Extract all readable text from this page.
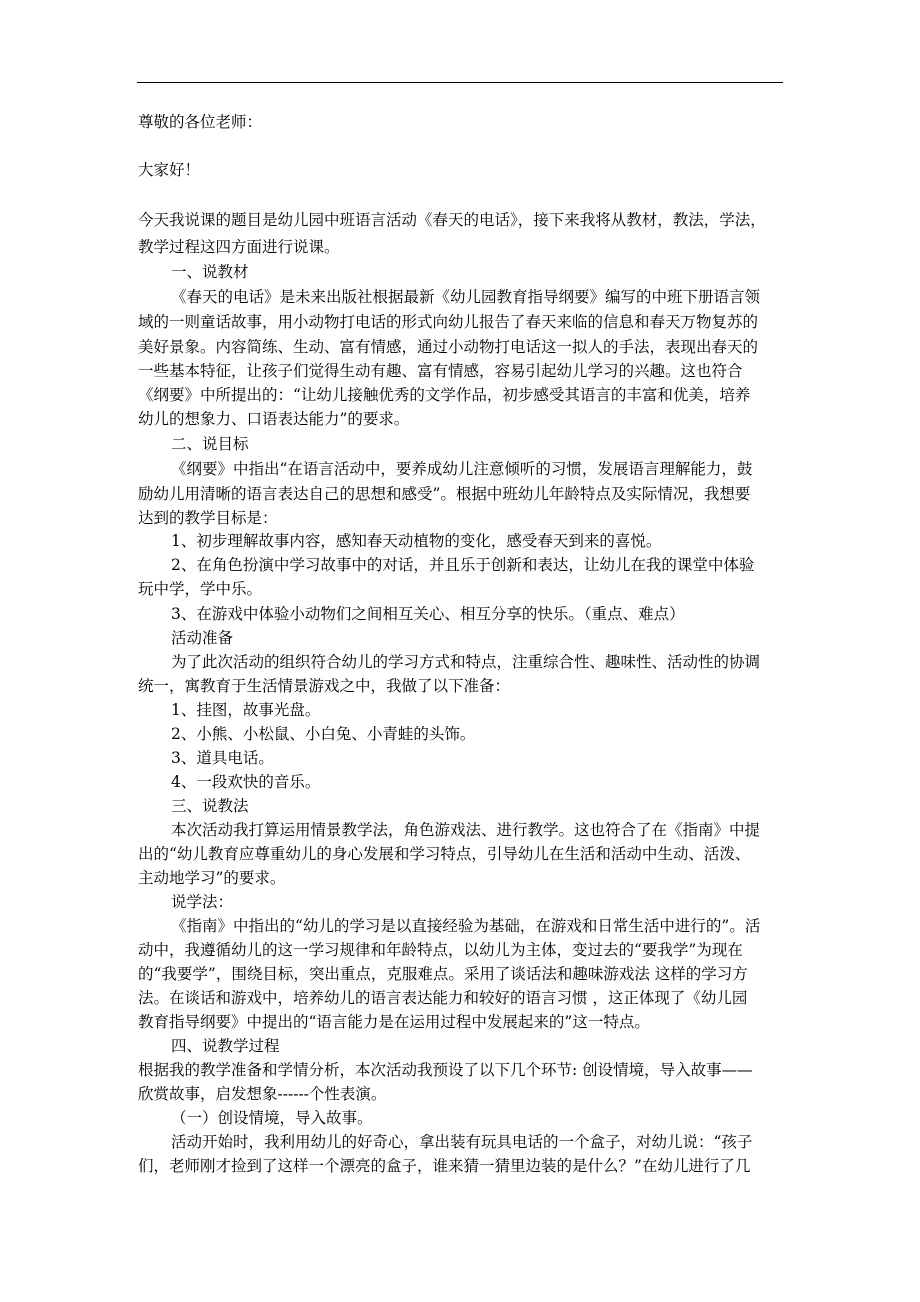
尊敬的各位老师：
大家好！
今天我说课的题目是幼儿园中班语言活动《春天的电话》，接下来我将从教材，教法，学法，
教学过程这四方面进行说课。
一、说教材
《春天的电话》是未来出版社根据最新《幼儿园教育指导纲要》编写的中班下册语言领
域的一则童话故事，用小动物打电话的形式向幼儿报告了春天来临的信息和春天万物复苏的
美好景象。内容简练、生动、富有情感，通过小动物打电话这一拟人的手法，表现出春天的
一些基本特征，让孩子们觉得生动有趣、富有情感，容易引起幼儿学习的兴趣。这也符合
《纲要》中所提出的：“让幼儿接触优秀的文学作品，初步感受其语言的丰富和优美，培养
幼儿的想象力、口语表达能力”的要求。
二、说目标
《纲要》中指出“在语言活动中，要养成幼儿注意倾听的习惯，发展语言理解能力，鼓
励幼儿用清晰的语言表达自己的思想和感受”。根据中班幼儿年龄特点及实际情况，我想要
达到的教学目标是：
1、初步理解故事内容，感知春天动植物的变化，感受春天到来的喜悦。
2、在角色扮演中学习故事中的对话，并且乐于创新和表达，让幼儿在我的课堂中体验
玩中学，学中乐。
3、在游戏中体验小动物们之间相互关心、相互分享的快乐。（重点、难点）
活动准备
为了此次活动的组织符合幼儿的学习方式和特点，注重综合性、趣味性、活动性的协调
统一，寓教育于生活情景游戏之中，我做了以下准备：
1、挂图，故事光盘。
2、小熊、小松鼠、小白兔、小青蛙的头饰。
3、道具电话。
4、一段欢快的音乐。
三、说教法
本次活动我打算运用情景教学法，角色游戏法、进行教学。这也符合了在《指南》中提
出的“幼儿教育应尊重幼儿的身心发展和学习特点，引导幼儿在生活和活动中生动、活泼、
主动地学习”的要求。
说学法：
《指南》中指出的“幼儿的学习是以直接经验为基础，在游戏和日常生活中进行的”。活
动中，我遵循幼儿的这一学习规律和年龄特点，以幼儿为主体，变过去的“要我学”为现在
的“我要学”，围绕目标，突出重点，克服难点。采用了谈话法和趣味游戏法 这样的学习方
法。在谈话和游戏中，培养幼儿的语言表达能力和较好的语言习惯 ，这正体现了《幼儿园
教育指导纲要》中提出的“语言能力是在运用过程中发展起来的”这一特点。
四、说教学过程
根据我的教学准备和学情分析，本次活动我预设了以下几个环节: 创设情境，导入故事——
欣赏故事，启发想象------个性表演。
（一）创设情境，导入故事。
活动开始时，我利用幼儿的好奇心，拿出装有玩具电话的一个盒子，对幼儿说：“孩子
们，老师刚才捡到了这样一个漂亮的盒子，谁来猜一猜里边装的是什么？”在幼儿进行了几
